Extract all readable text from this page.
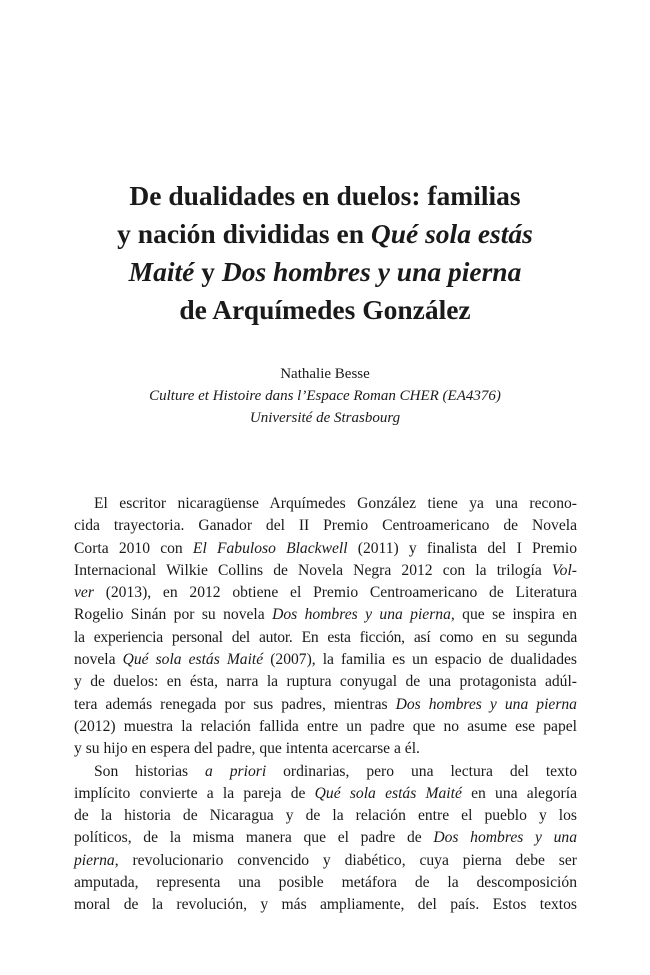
De dualidades en duelos: familias
y nación divididas en Qué sola estás
Maité y Dos hombres y una pierna
de Arquímedes González
Nathalie Besse
Culture et Histoire dans l’Espace Roman CHER (EA4376)
Université de Strasbourg
El escritor nicaragüense Arquímedes González tiene ya una recono-
cida trayectoria. Ganador del II Premio Centroamericano de Novela
Corta 2010 con El Fabuloso Blackwell (2011) y finalista del I Premio
Internacional Wilkie Collins de Novela Negra 2012 con la trilogía Vol-
ver (2013), en 2012 obtiene el Premio Centroamericano de Literatura
Rogelio Sinán por su novela Dos hombres y una pierna, que se inspira en
la experiencia personal del autor. En esta ficción, así como en su segunda
novela Qué sola estás Maité (2007), la familia es un espacio de dualidades
y de duelos: en ésta, narra la ruptura conyugal de una protagonista adúl-
tera además renegada por sus padres, mientras Dos hombres y una pierna
(2012) muestra la relación fallida entre un padre que no asume ese papel
y su hijo en espera del padre, que intenta acercarse a él.
Son historias a priori ordinarias, pero una lectura del texto
implícito convierte a la pareja de Qué sola estás Maité en una alegoría
de la historia de Nicaragua y de la relación entre el pueblo y los
políticos, de la misma manera que el padre de Dos hombres y una
pierna, revolucionario convencido y diabético, cuya pierna debe ser
amputada, representa una posible metáfora de la descomposición
moral de la revolución, y más ampliamente, del país. Estos textos
